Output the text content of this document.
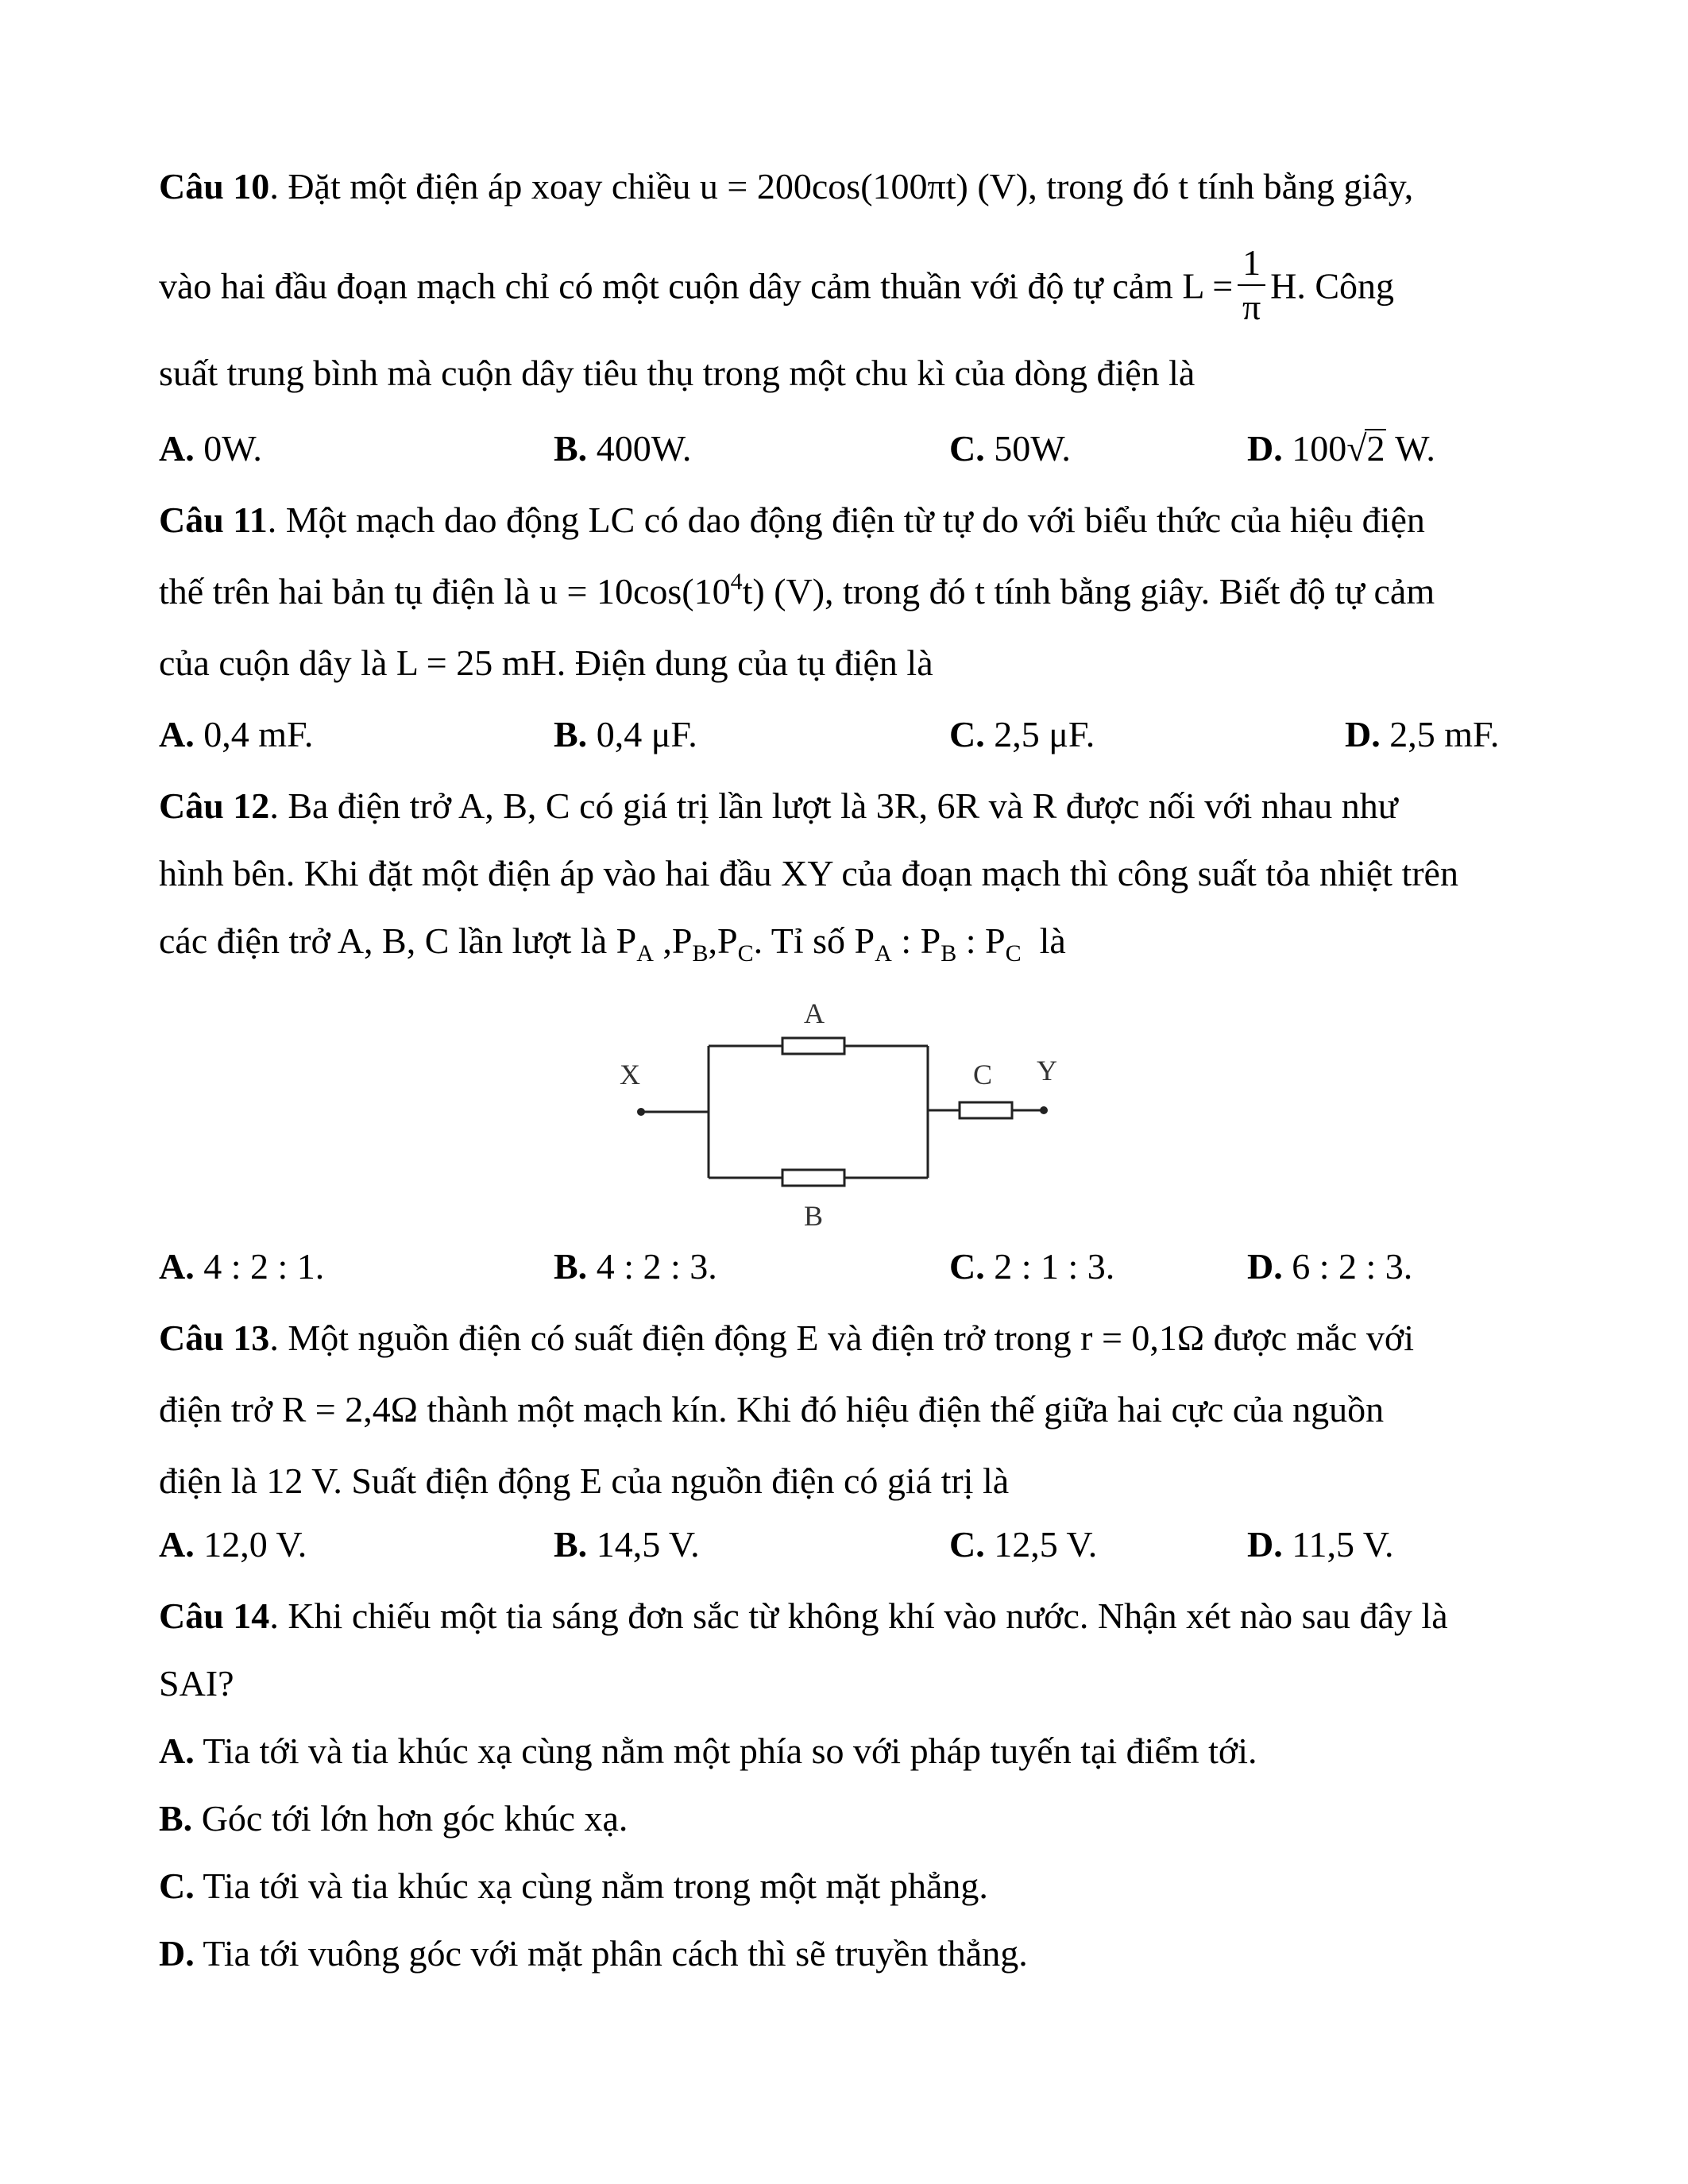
Câu 10. Đặt một điện áp xoay chiều u = 200cos(100πt) (V), trong đó t tính bằng giây,
vào hai đầu đoạn mạch chỉ có một cuộn dây cảm thuần với độ tự cảm $L = \frac{1}{\pi} H$. Công
suất trung bình mà cuộn dây tiêu thụ trong một chu kì của dòng điện là
A. 0W.	B. 400W.	C. 50W.	D. 100√2 W.
Câu 11. Một mạch dao động LC có dao động điện từ tự do với biểu thức của hiệu điện
thế trên hai bản tụ điện là $u = 10\cos(10^4t)$ (V), trong đó t tính bằng giây. Biết độ tự cảm
của cuộn dây là L = 25 mH. Điện dung của tụ điện là
A. 0,4 mF.	B. 0,4 μF.	C. 2,5 μF.	D. 2,5 mF.
Câu 12. Ba điện trở A, B, C có giá trị lần lượt là 3R, 6R và R được nối với nhau như
hình bên. Khi đặt một điện áp vào hai đầu XY của đoạn mạch thì công suất tỏa nhiệt trên
các điện trở A, B, C lần lượt là $P_A$ $,P_B,P_C$. Tỉ số $P_A$ : $P_B$ : $P_C$ là
A
B
C
X	Y
A. 4 : 2 : 1.	B. 4 : 2 : 3.	C. 2 : 1 : 3.	D. 6 : 2 : 3.
Câu 13. Một nguồn điện có suất điện động E và điện trở trong r = 0,1Ω được mắc với
điện trở R = 2,4Ω thành một mạch kín. Khi đó hiệu điện thế giữa hai cực của nguồn
điện là 12 V. Suất điện động E của nguồn điện có giá trị là
A. 12,0 V.	B. 14,5 V.	C. 12,5 V.	D. 11,5 V.
Câu 14. Khi chiếu một tia sáng đơn sắc từ không khí vào nước. Nhận xét nào sau đây là
SAI?
A. Tia tới và tia khúc xạ cùng nằm một phía so với pháp tuyến tại điểm tới.
B. Góc tới lớn hơn góc khúc xạ.
C. Tia tới và tia khúc xạ cùng nằm trong một mặt phẳng.
D. Tia tới vuông góc với mặt phân cách thì sẽ truyền thẳng.
